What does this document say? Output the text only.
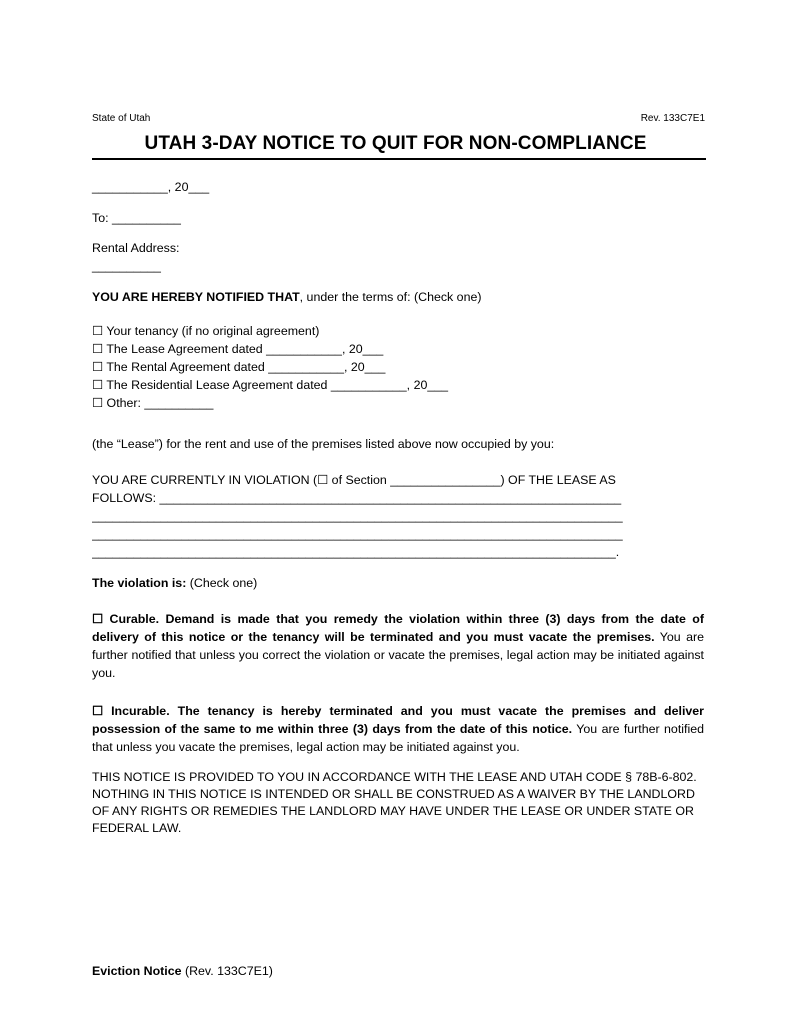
State of Utah	Rev. 133C7E1
UTAH 3-DAY NOTICE TO QUIT FOR NON-COMPLIANCE
___________, 20___
To: __________
Rental Address:
__________
YOU ARE HEREBY NOTIFIED THAT, under the terms of: (Check one)
☐ Your tenancy (if no original agreement)
☐ The Lease Agreement dated ___________, 20___
☐ The Rental Agreement dated ___________, 20___
☐ The Residential Lease Agreement dated ___________, 20___
☐ Other: __________
(the “Lease”) for the rent and use of the premises listed above now occupied by you:
YOU ARE CURRENTLY IN VIOLATION (☐ of Section ________________) OF THE LEASE AS
FOLLOWS: ___________________________________________________________________
_____________________________________________________________________________
_____________________________________________________________________________
____________________________________________________________________________.
The violation is: (Check one)
☐ Curable. Demand is made that you remedy the violation within three (3) days from the date of delivery of this notice or the tenancy will be terminated and you must vacate the premises. You are further notified that unless you correct the violation or vacate the premises, legal action may be initiated against you.
☐ Incurable. The tenancy is hereby terminated and you must vacate the premises and deliver possession of the same to me within three (3) days from the date of this notice. You are further notified that unless you vacate the premises, legal action may be initiated against you.
THIS NOTICE IS PROVIDED TO YOU IN ACCORDANCE WITH THE LEASE AND UTAH CODE § 78B-6-802. NOTHING IN THIS NOTICE IS INTENDED OR SHALL BE CONSTRUED AS A WAIVER BY THE LANDLORD OF ANY RIGHTS OR REMEDIES THE LANDLORD MAY HAVE UNDER THE LEASE OR UNDER STATE OR FEDERAL LAW.
Eviction Notice (Rev. 133C7E1)
